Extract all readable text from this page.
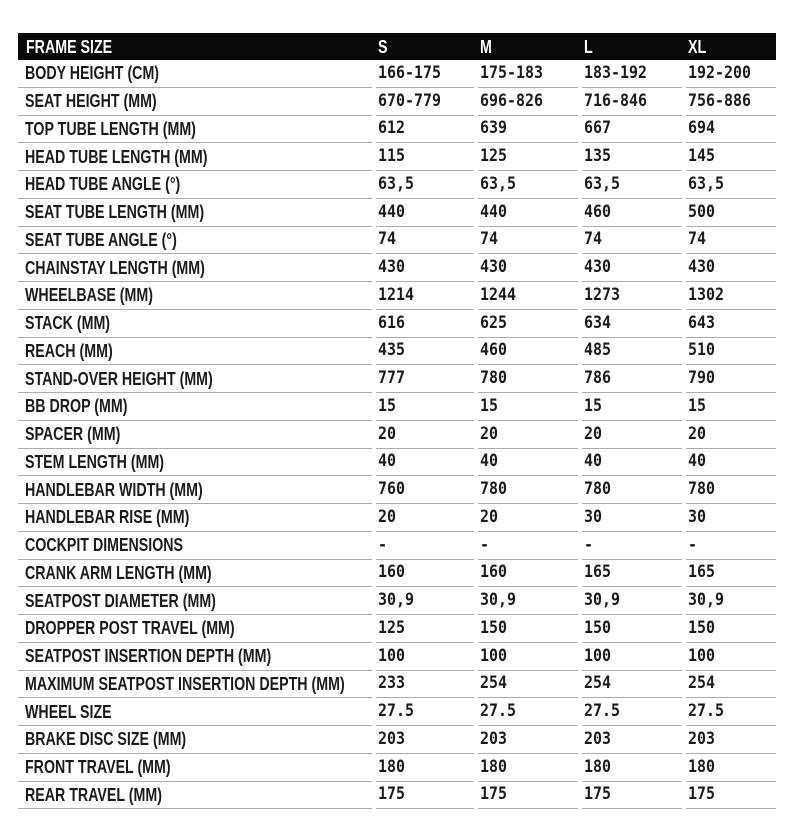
FRAME SIZE	S	M	L	XL
BODY HEIGHT (CM)	166-175 175-183 183-192 192-200
SEAT HEIGHT (MM)	670-779 696-826 716-846 756-886
TOP TUBE LENGTH (MM)	612	639	667	694
HEAD TUBE LENGTH (MM)	115	125	135	145
HEAD TUBE ANGLE (°)	63,5	63,5	63,5	63,5
SEAT TUBE LENGTH (MM)	440	440	460	500
SEAT TUBE ANGLE (°)	74	74	74	74
CHAINSTAY LENGTH (MM)	430	430	430	430
WHEELBASE (MM)	1214	1244	1273	1302
STACK (MM)	616	625	634	643
REACH (MM)	435	460	485	510
STAND-OVER HEIGHT (MM)	777	780	786	790
BB DROP (MM)	15	15	15	15
SPACER (MM)	20	20	20	20
STEM LENGTH (MM)	40	40	40	40
HANDLEBAR WIDTH (MM)	760	780	780	780
HANDLEBAR RISE (MM)	20	20	30	30
COCKPIT DIMENSIONS	-	-	-	-
CRANK ARM LENGTH (MM)	160	160	165	165
SEATPOST DIAMETER (MM)	30,9	30,9	30,9	30,9
DROPPER POST TRAVEL (MM)	125	150	150	150
SEATPOST INSERTION DEPTH (MM)	100	100	100	100
MAXIMUM SEATPOST INSERTION DEPTH (MM) 233	254	254	254
WHEEL SIZE	27.5	27.5	27.5	27.5
BRAKE DISC SIZE (MM)	203	203	203	203
FRONT TRAVEL (MM)	180	180	180	180
REAR TRAVEL (MM)	175	175	175	175
